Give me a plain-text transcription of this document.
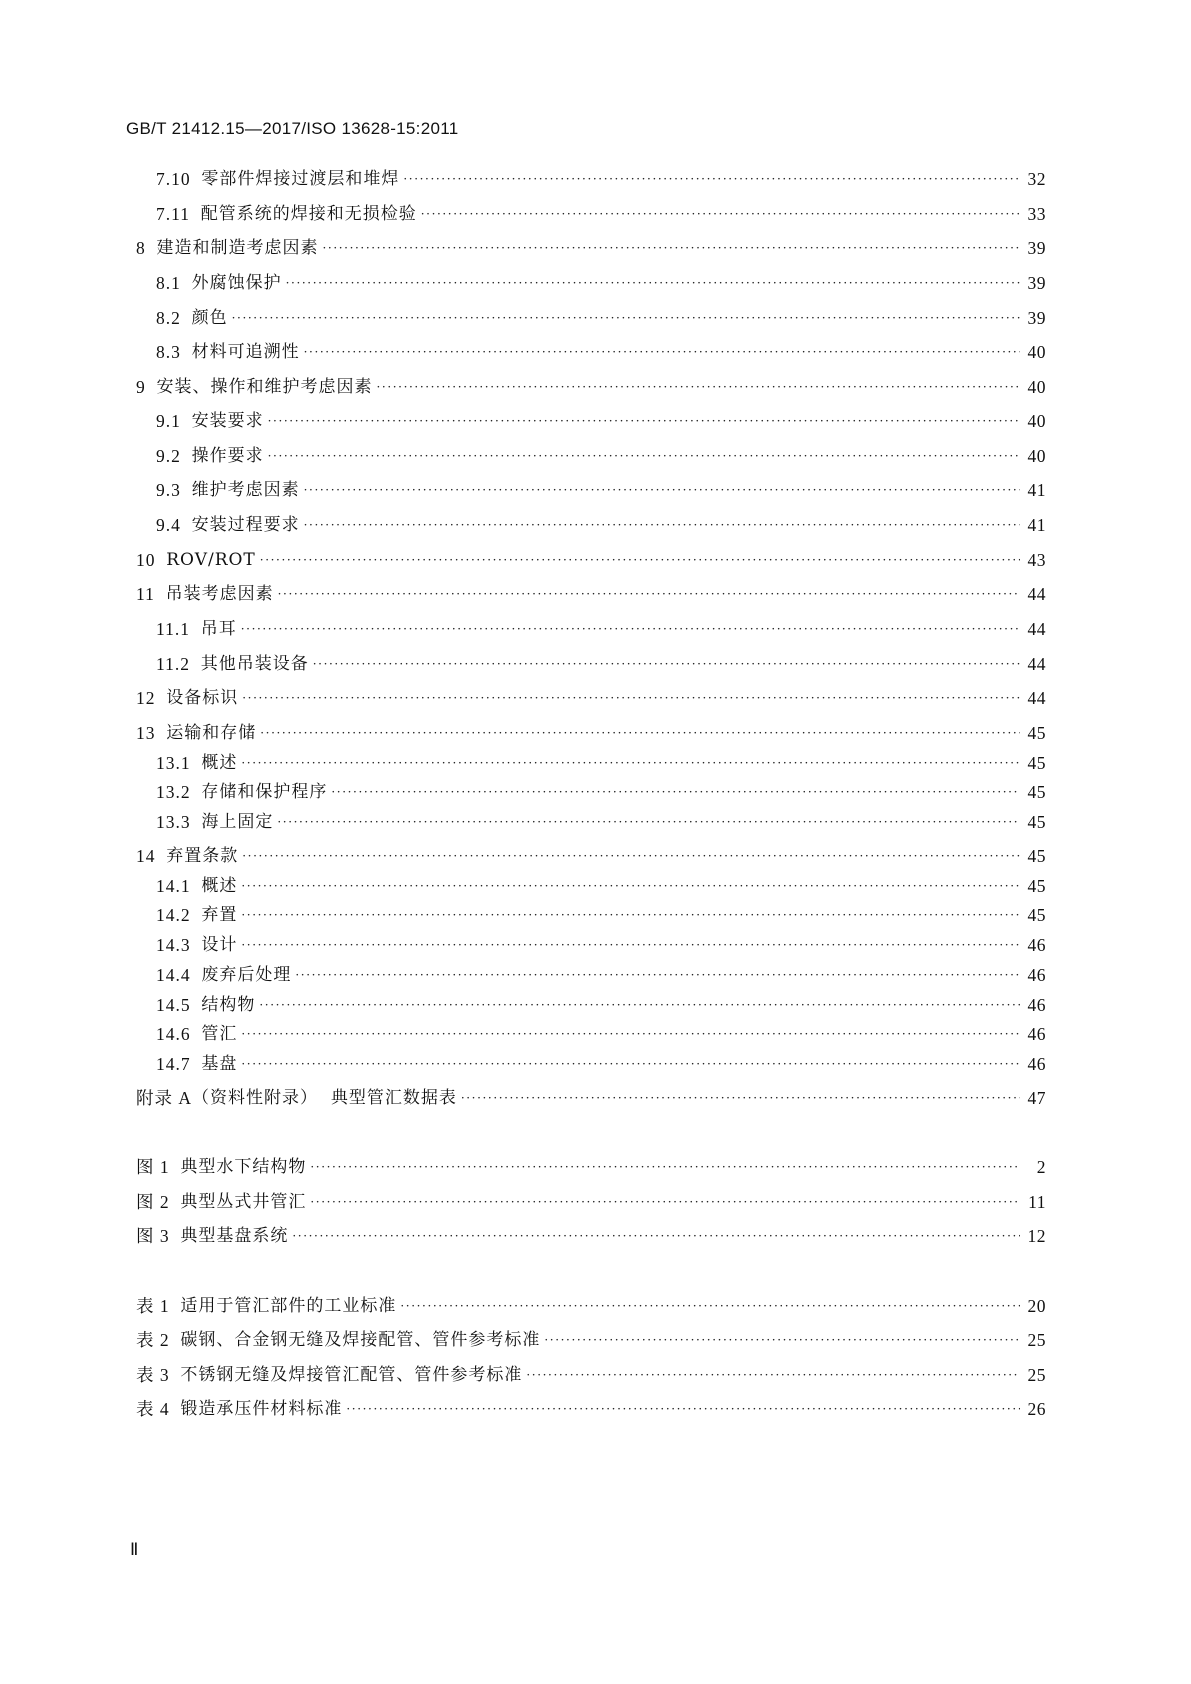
GB/T 21412.15—2017/ISO 13628-15:2011
7.10 零部件焊接过渡层和堆焊 ·····	32
7.11 配管系统的焊接和无损检验 ·····	33
8 建造和制造考虑因素 ·····	39
8.1 外腐蚀保护 ·····	39
8.2 颜色 ·····	39
8.3 材料可追溯性 ·····	40
9 安装、操作和维护考虑因素 ·····	40
9.1 安装要求 ·····	40
9.2 操作要求 ·····	40
9.3 维护考虑因素 ·····	41
9.4 安装过程要求 ·····	41
10 ROV/ROT ·····	43
11 吊装考虑因素 ·····	44
11.1 吊耳 ·····	44
11.2 其他吊装设备 ·····	44
12 设备标识 ·····	44
13 运输和存储 ·····	45
13.1 概述 ·····	45
13.2 存储和保护程序 ·····	45
13.3 海上固定 ·····	45
14 弃置条款 ·····	45
14.1 概述 ·····	45
14.2 弃置 ·····	45
14.3 设计 ·····	46
14.4 废弃后处理 ·····	46
14.5 结构物 ·····	46
14.6 管汇 ·····	46
14.7 基盘 ·····	46
附录 A （资料性附录）  典型管汇数据表 ·····	47
图 1 典型水下结构物 ·····	2
图 2 典型丛式井管汇 ·····	11
图 3 典型基盘系统 ·····	12
表 1 适用于管汇部件的工业标准 ·····	20
表 2 碳钢、合金钢无缝及焊接配管、管件参考标准 ·····	25
表 3 不锈钢无缝及焊接管汇配管、管件参考标准 ·····	25
表 4 锻造承压件材料标准 ·····	26
Ⅱ
